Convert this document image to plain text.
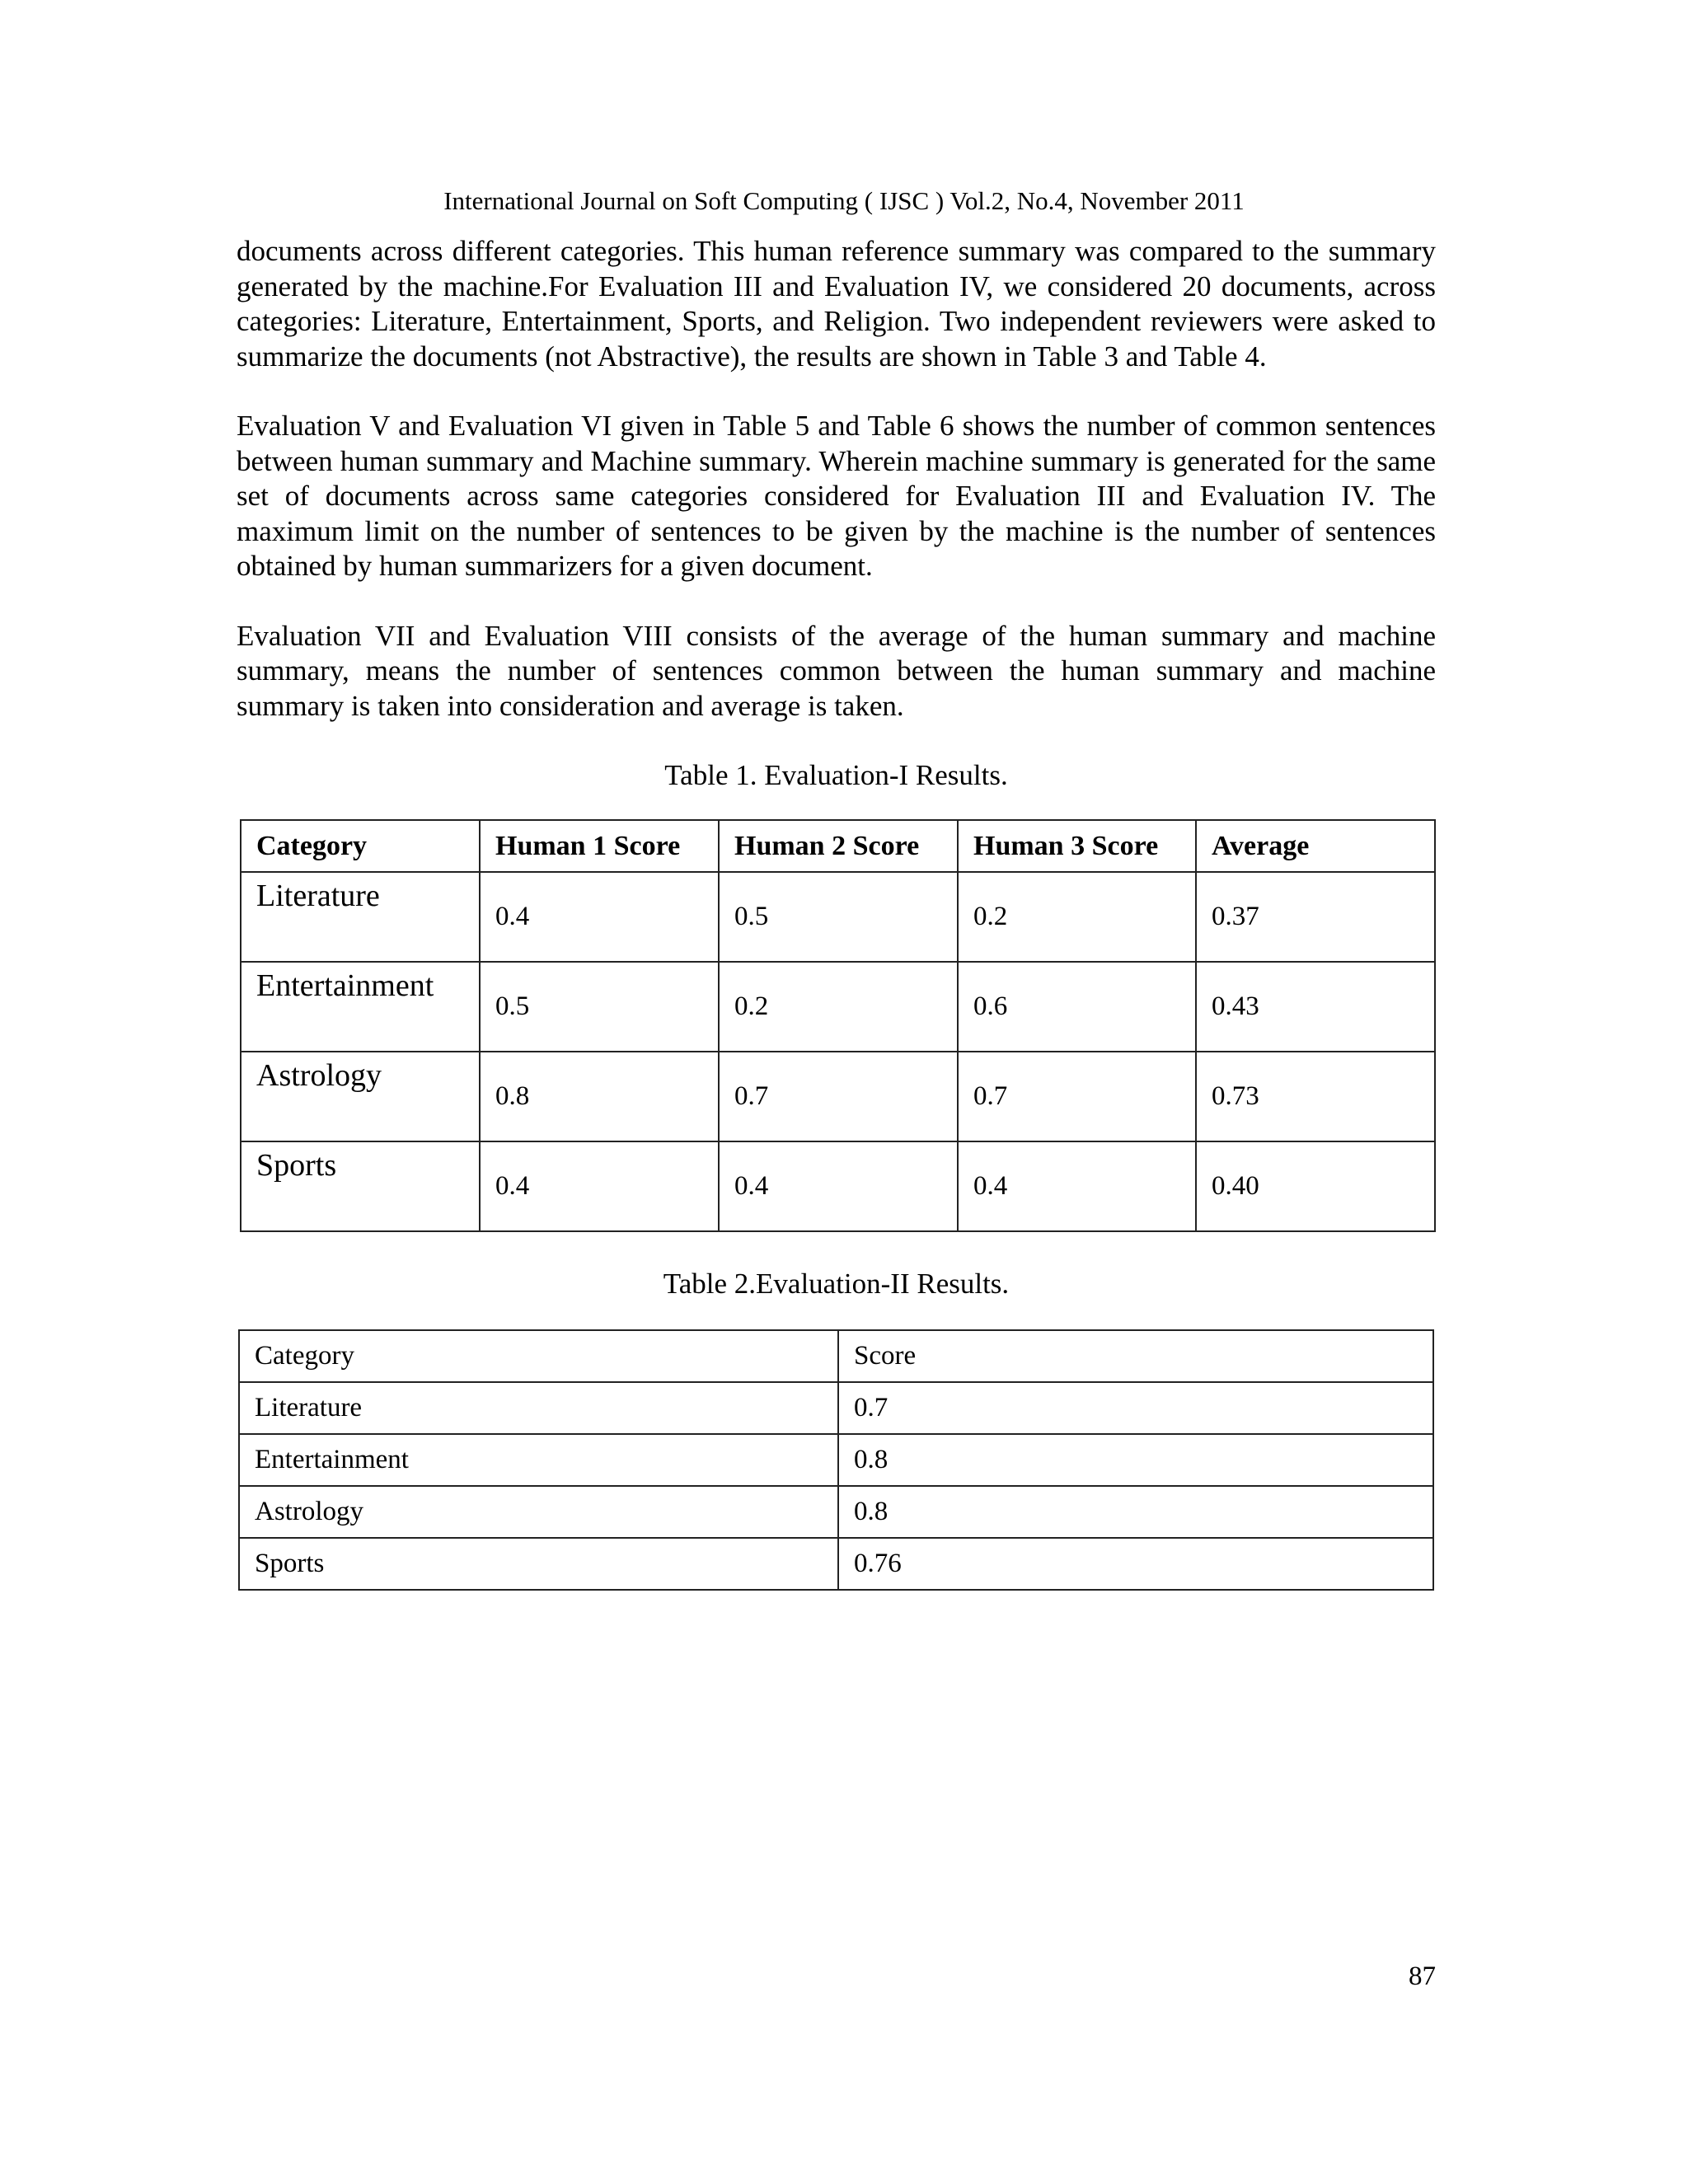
International Journal on Soft Computing ( IJSC ) Vol.2, No.4, November 2011

documents across different categories. This human reference summary was compared to the summary generated by the machine.For Evaluation III and Evaluation IV, we considered 20 documents, across categories: Literature, Entertainment, Sports, and Religion. Two independent reviewers were asked to summarize the documents (not Abstractive), the results are shown in Table 3 and Table 4.

Evaluation V and Evaluation VI given in Table 5 and Table 6 shows the number of common sentences between human summary and Machine summary. Wherein machine summary is generated for the same set of documents across same categories considered for Evaluation III and Evaluation IV. The maximum limit on the number of sentences to be given by the machine is the number of sentences obtained by human summarizers for a given document.

Evaluation VII and Evaluation VIII consists of the average of the human summary and machine summary, means the number of sentences common between the human summary and machine summary is taken into consideration and average is taken.

Table 1. Evaluation-I Results.

Category	Human 1 Score	Human 2 Score	Human 3 Score	Average
Literature	0.4	0.5	0.2	0.37
Entertainment	0.5	0.2	0.6	0.43
Astrology	0.8	0.7	0.7	0.73
Sports	0.4	0.4	0.4	0.40

Table 2.Evaluation-II Results.

Category	Score
Literature	0.7
Entertainment	0.8
Astrology	0.8
Sports	0.76
87
